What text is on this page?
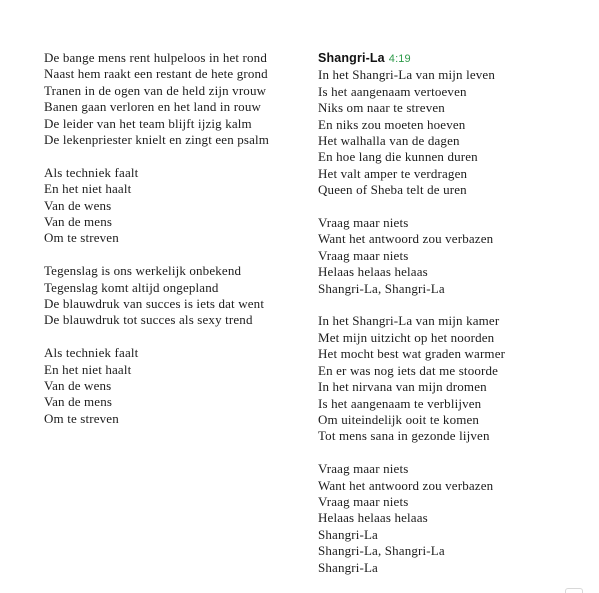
De bange mens rent hulpeloos in het rond
Naast hem raakt een restant de hete grond
Tranen in de ogen van de held zijn vrouw
Banen gaan verloren en het land in rouw
De leider van het team blijft ijzig kalm
De lekenpriester knielt en zingt een psalm
Als techniek faalt
En het niet haalt
Van de wens
Van de mens
Om te streven
Tegenslag is ons werkelijk onbekend
Tegenslag komt altijd ongepland
De blauwdruk van succes is iets dat went
De blauwdruk tot succes als sexy trend
Als techniek faalt
En het niet haalt
Van de wens
Van de mens
Om te streven
Shangri-La 4:19
In het Shangri-La van mijn leven
Is het aangenaam vertoeven
Niks om naar te streven
En niks zou moeten hoeven
Het walhalla van de dagen
En hoe lang die kunnen duren
Het valt amper te verdragen
Queen of Sheba telt de uren
Vraag maar niets
Want het antwoord zou verbazen
Vraag maar niets
Helaas helaas helaas
Shangri-La, Shangri-La
In het Shangri-La van mijn kamer
Met mijn uitzicht op het noorden
Het mocht best wat graden warmer
En er was nog iets dat me stoorde
In het nirvana van mijn dromen
Is het aangenaam te verblijven
Om uiteindelijk ooit te komen
Tot mens sana in gezonde lijven
Vraag maar niets
Want het antwoord zou verbazen
Vraag maar niets
Helaas helaas helaas
Shangri-La
Shangri-La, Shangri-La
Shangri-La
